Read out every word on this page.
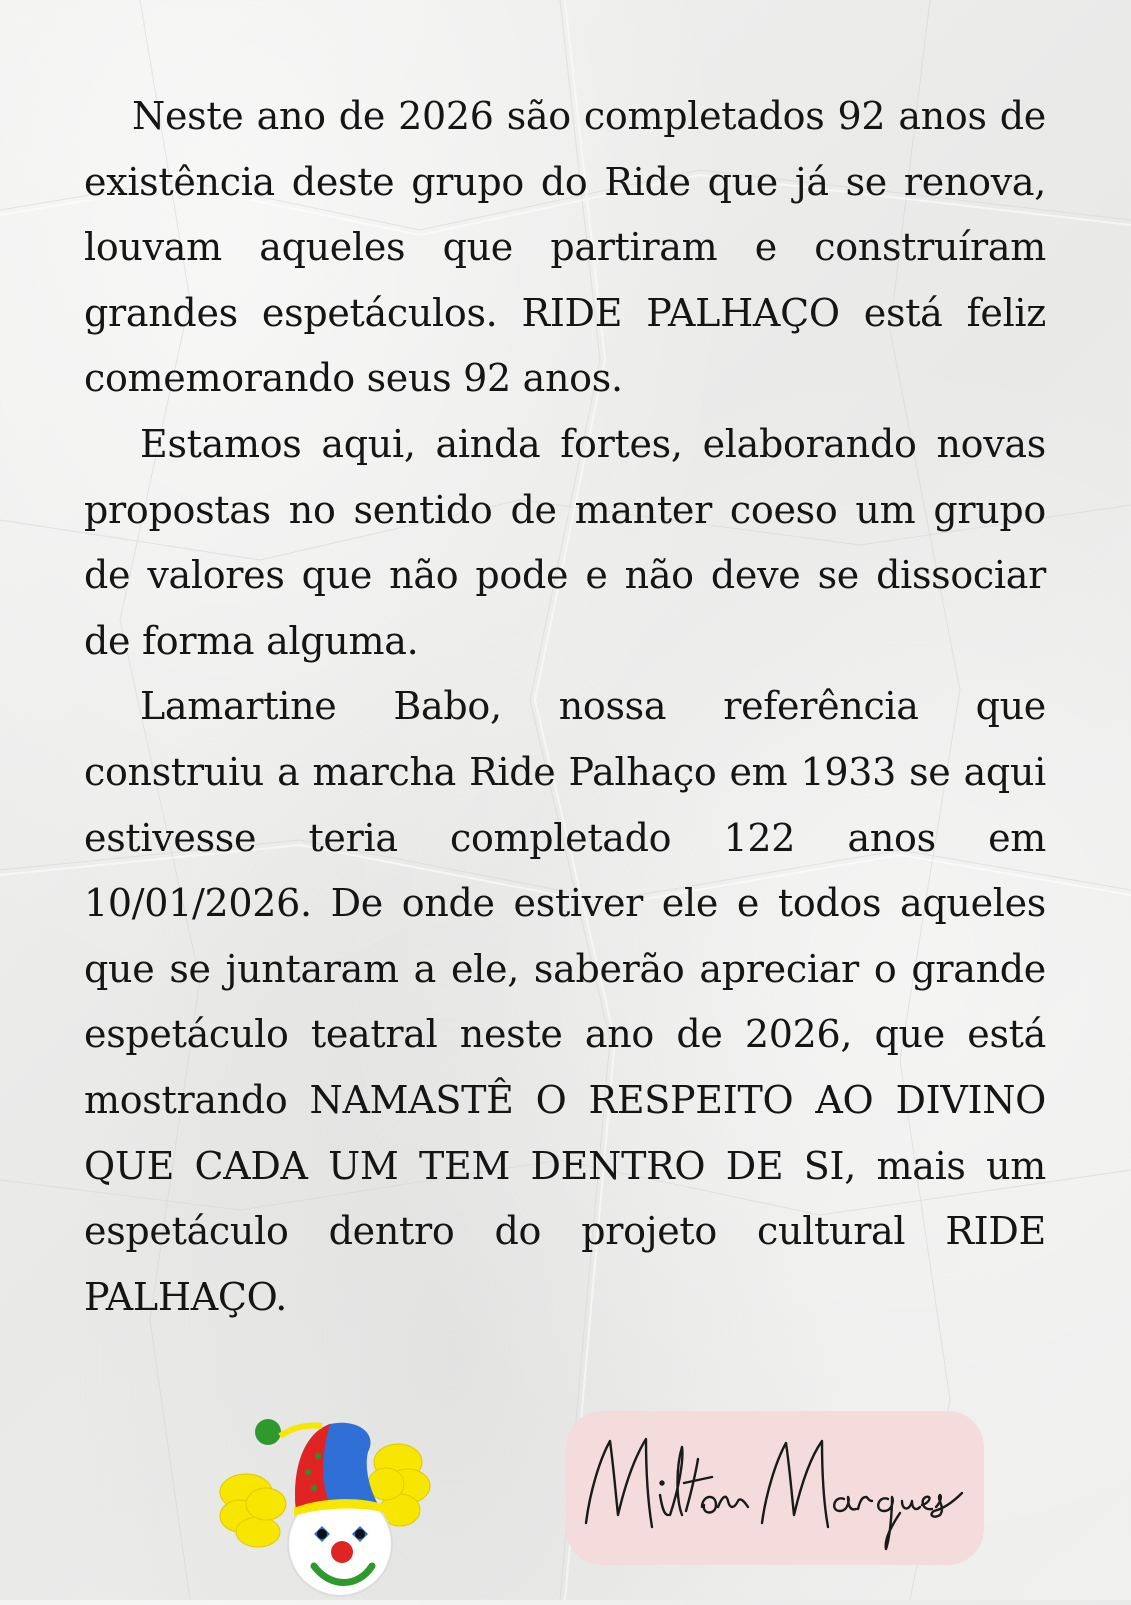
Neste ano de 2026 são completados 92 anos de existência deste grupo do Ride que já se renova, louvam aqueles que partiram e construíram grandes espetáculos. RIDE PALHAÇO está feliz comemorando seus 92 anos.

Estamos aqui, ainda fortes, elaborando novas propostas no sentido de manter coeso um grupo de valores que não pode e não deve se dissociar de forma alguma.

Lamartine Babo, nossa referência que construiu a marcha Ride Palhaço em 1933 se aqui estivesse teria completado 122 anos em 10/01/2026. De onde estiver ele e todos aqueles que se juntaram a ele, saberão apreciar o grande espetáculo teatral neste ano de 2026, que está mostrando NAMASTÊ O RESPEITO AO DIVINO QUE CADA UM TEM DENTRO DE SI, mais um espetáculo dentro do projeto cultural RIDE PALHAÇO.
